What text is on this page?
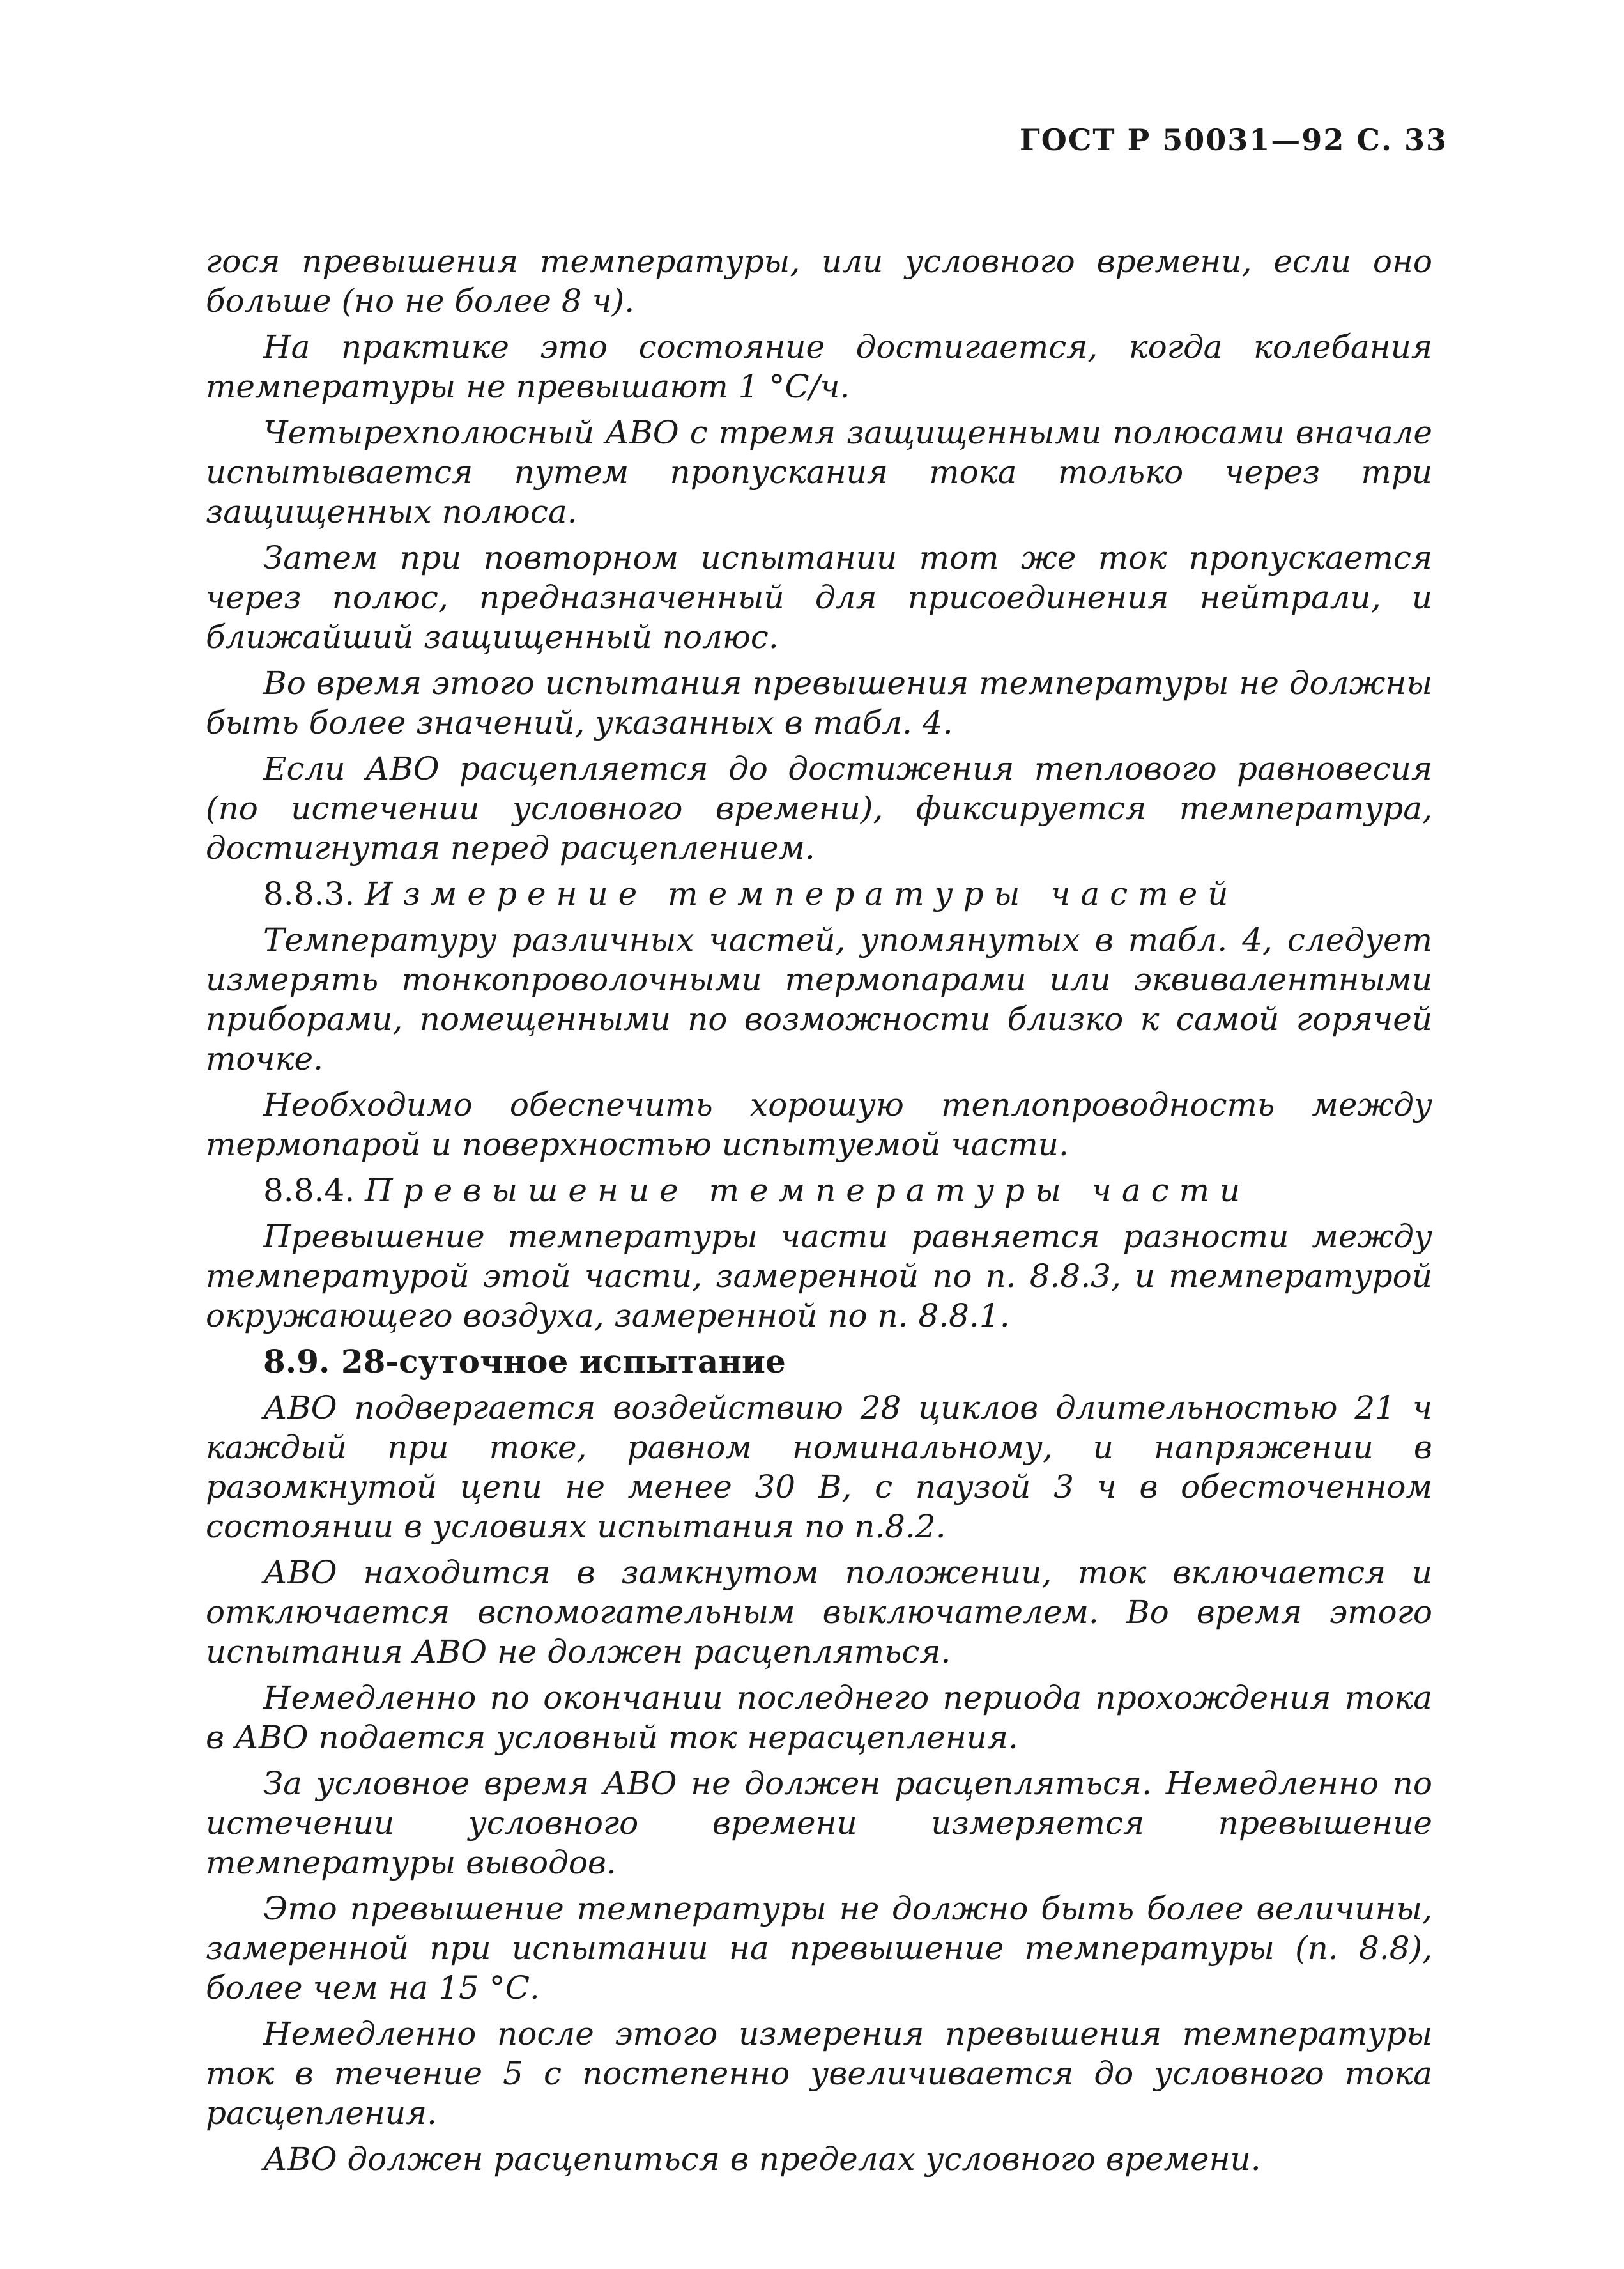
ГОСТ Р 50031—92 С. 33

гося превышения температуры, или условного времени, если оно больше (но не более 8 ч).

На практике это состояние достигается, когда колебания температуры не превышают 1 °С/ч.

Четырехполюсный АВО с тремя защищенными полюсами вначале испытывается путем пропускания тока только через три защищенных полюса.

Затем при повторном испытании тот же ток пропускается через полюс, предназначенный для присоединения нейтрали, и ближайший защищенный полюс.

Во время этого испытания превышения температуры не должны быть более значений, указанных в табл. 4.

Если АВО расцепляется до достижения теплового равновесия (по истечении условного времени), фиксируется температура, достигнутая перед расцеплением.

8.8.3. Измерение температуры частей

Температуру различных частей, упомянутых в табл. 4, следует измерять тонкопроволочными термопарами или эквивалентными приборами, помещенными по возможности близко к самой горячей точке.

Необходимо обеспечить хорошую теплопроводность между термопарой и поверхностью испытуемой части.

8.8.4. Превышение температуры части

Превышение температуры части равняется разности между температурой этой части, замеренной по п. 8.8.3, и температурой окружающего воздуха, замеренной по п. 8.8.1.

8.9. 28-суточное испытание

АВО подвергается воздействию 28 циклов длительностью 21 ч каждый при токе, равном номинальному, и напряжении в разомкнутой цепи не менее 30 В, с паузой 3 ч в обесточенном состоянии в условиях испытания по п.8.2.

АВО находится в замкнутом положении, ток включается и отключается вспомогательным выключателем. Во время этого испытания АВО не должен расцепляться.

Немедленно по окончании последнего периода прохождения тока в АВО подается условный ток нерасцепления.

За условное время АВО не должен расцепляться. Немедленно по истечении условного времени измеряется превышение температуры выводов.

Это превышение температуры не должно быть более величины, замеренной при испытании на превышение температуры (п. 8.8), более чем на 15 °С.

Немедленно после этого измерения превышения температуры ток в течение 5 с постепенно увеличивается до условного тока расцепления.

АВО должен расцепиться в пределах условного времени.
